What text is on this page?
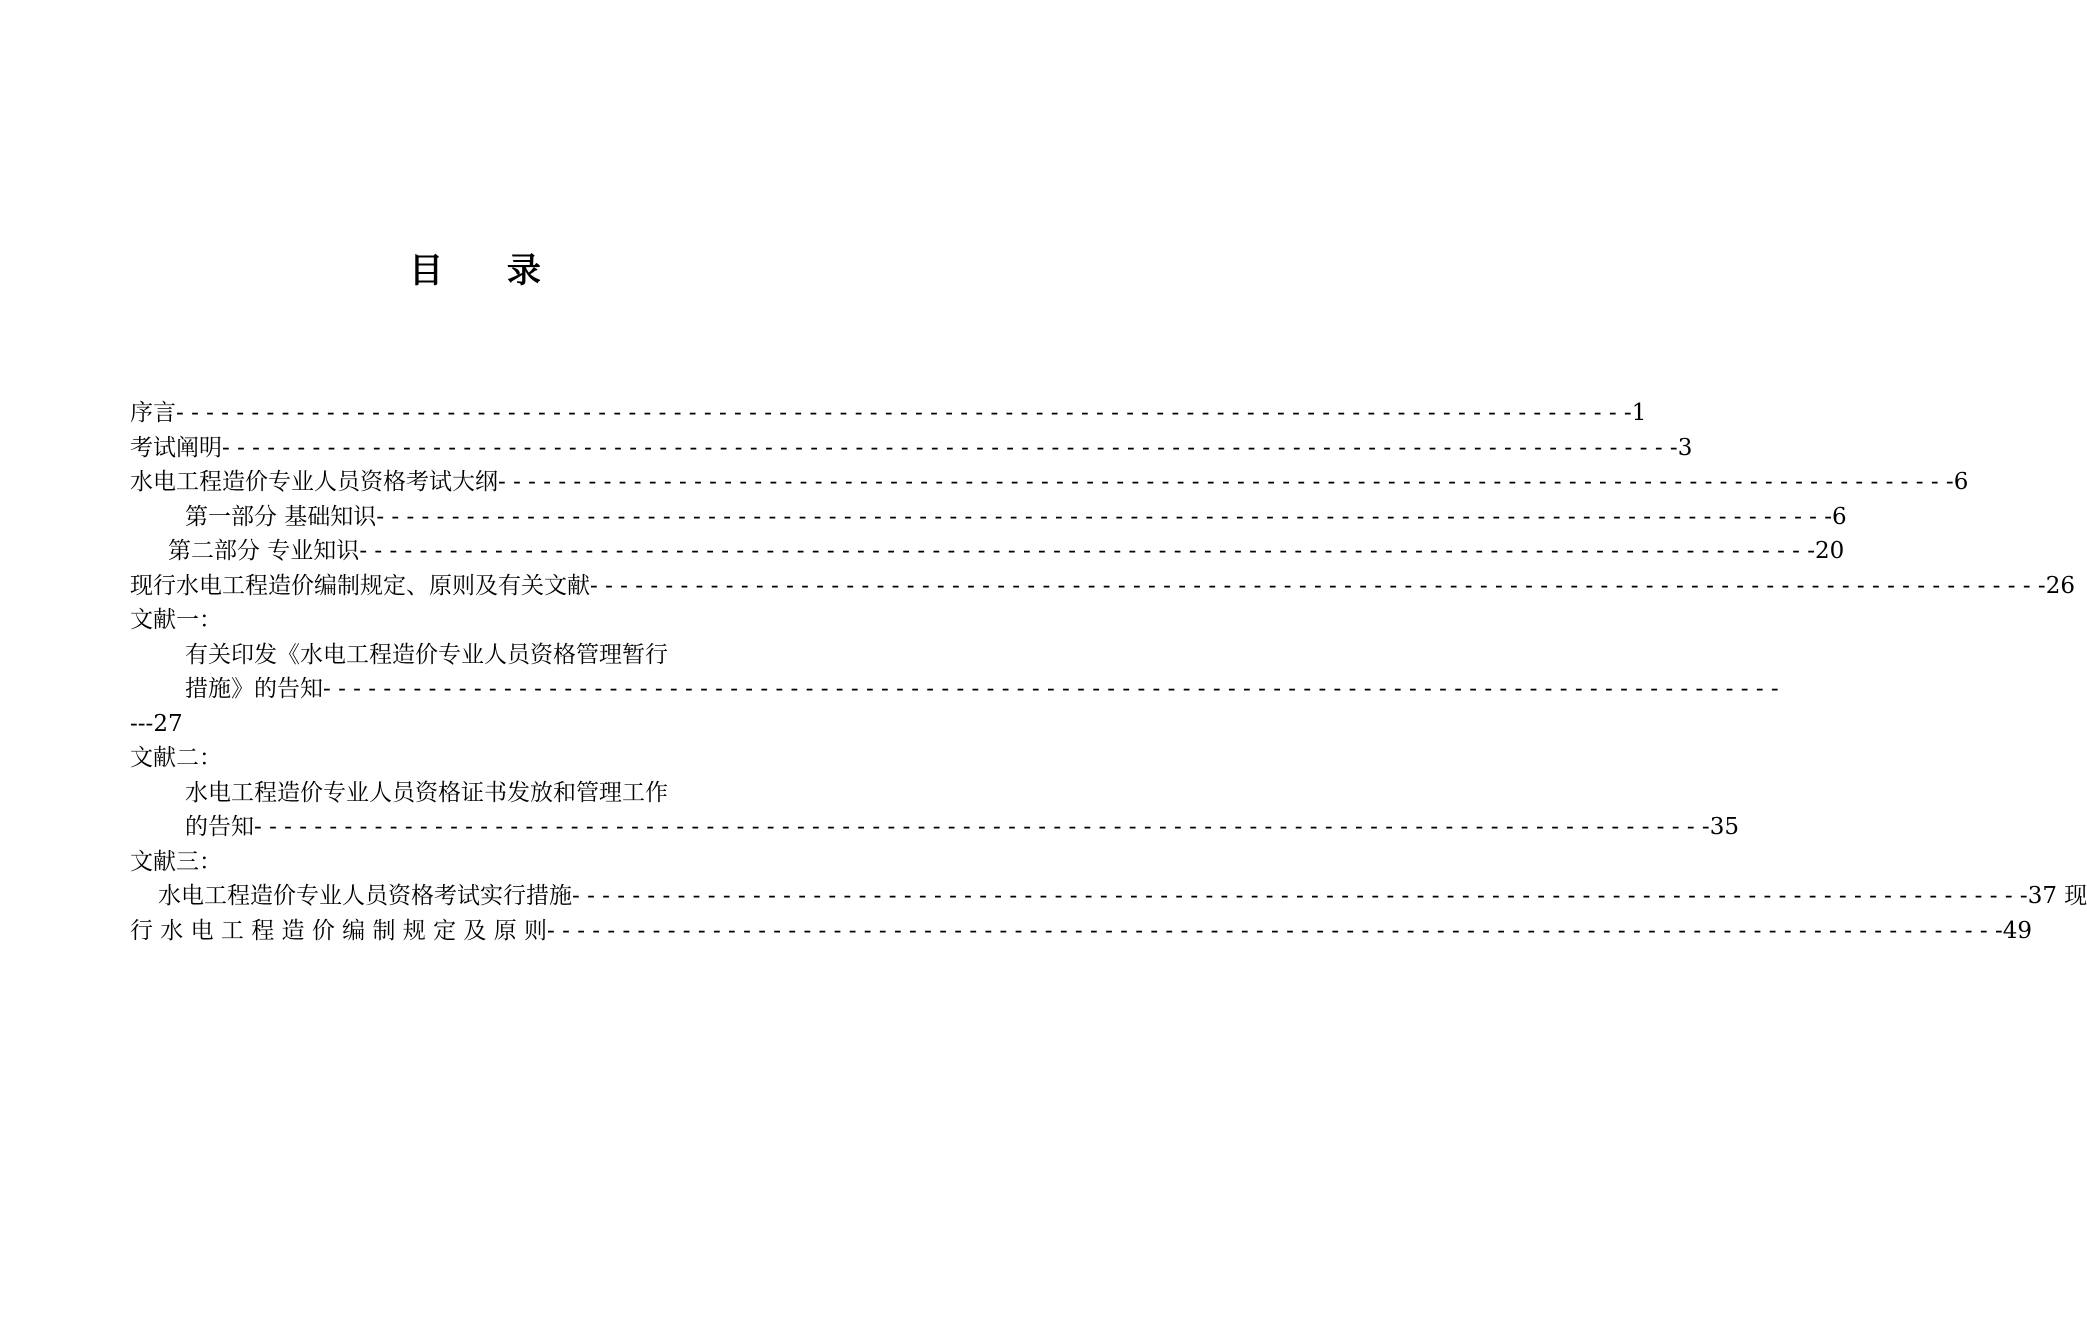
目 录
序言 - - - - - - - - - - - - - - - - - - - - - - - - - - - - - - - - - - - - - - - - - - - - - - - - - - - - - - - - - - - - - - - - - - - - - - - - - - - - - - - - - - - - - - - - - - - - - - - - - 1
考试阐明 - - - - - - - - - - - - - - - - - - - - - - - - - - - - - - - - - - - - - - - - - - - - - - - - - - - - - - - - - - - - - - - - - - - - - - - - - - - - - - - - - - - - - - - - - - - - - - - - - 3
水电工程造价专业人员资格考试大纲 - - - - - - - - - - - - - - - - - - - - - - - - - - - - - - - - - - - - - - - - - - - - - - - - - - - - - - - - - - - - - - - - - - - - - - - - - - - - - - - - - - - - - - - - - - - - - - - - - 6
第一部分 基础知识 - - - - - - - - - - - - - - - - - - - - - - - - - - - - - - - - - - - - - - - - - - - - - - - - - - - - - - - - - - - - - - - - - - - - - - - - - - - - - - - - - - - - - - - - - - - - - - - - - 6
第二部分 专业知识 - - - - - - - - - - - - - - - - - - - - - - - - - - - - - - - - - - - - - - - - - - - - - - - - - - - - - - - - - - - - - - - - - - - - - - - - - - - - - - - - - - - - - - - - - - - - - - - - - 20
现行水电工程造价编制规定、原则及有关文献 - - - - - - - - - - - - - - - - - - - - - - - - - - - - - - - - - - - - - - - - - - - - - - - - - - - - - - - - - - - - - - - - - - - - - - - - - - - - - - - - - - - - - - - - - - - - - - - - - 26
文献一：
有关印发《水电工程造价专业人员资格管理暂行
措施》的告知 - - - - - - - - - - - - - - - - - - - - - - - - - - - - - - - - - - - - - - - - - - - - - - - - - - - - - - - - - - - - - - - - - - - - - - - - - - - - - - - - - - - - - - - - - - - - - - - - -
---27
文献二：
水电工程造价专业人员资格证书发放和管理工作
的告知 - - - - - - - - - - - - - - - - - - - - - - - - - - - - - - - - - - - - - - - - - - - - - - - - - - - - - - - - - - - - - - - - - - - - - - - - - - - - - - - - - - - - - - - - - - - - - - - - - 35
文献三：
水电工程造价专业人员资格考试实行措施 - - - - - - - - - - - - - - - - - - - - - - - - - - - - - - - - - - - - - - - - - - - - - - - - - - - - - - - - - - - - - - - - - - - - - - - - - - - - - - - - - - - - - - - - - - - - - - - - - 37 现
行 水 电 工 程 造 价 编 制 规 定 及 原 则 - - - - - - - - - - - - - - - - - - - - - - - - - - - - - - - - - - - - - - - - - - - - - - - - - - - - - - - - - - - - - - - - - - - - - - - - - - - - - - - - - - - - - - - - - - - - - - - - - 49
